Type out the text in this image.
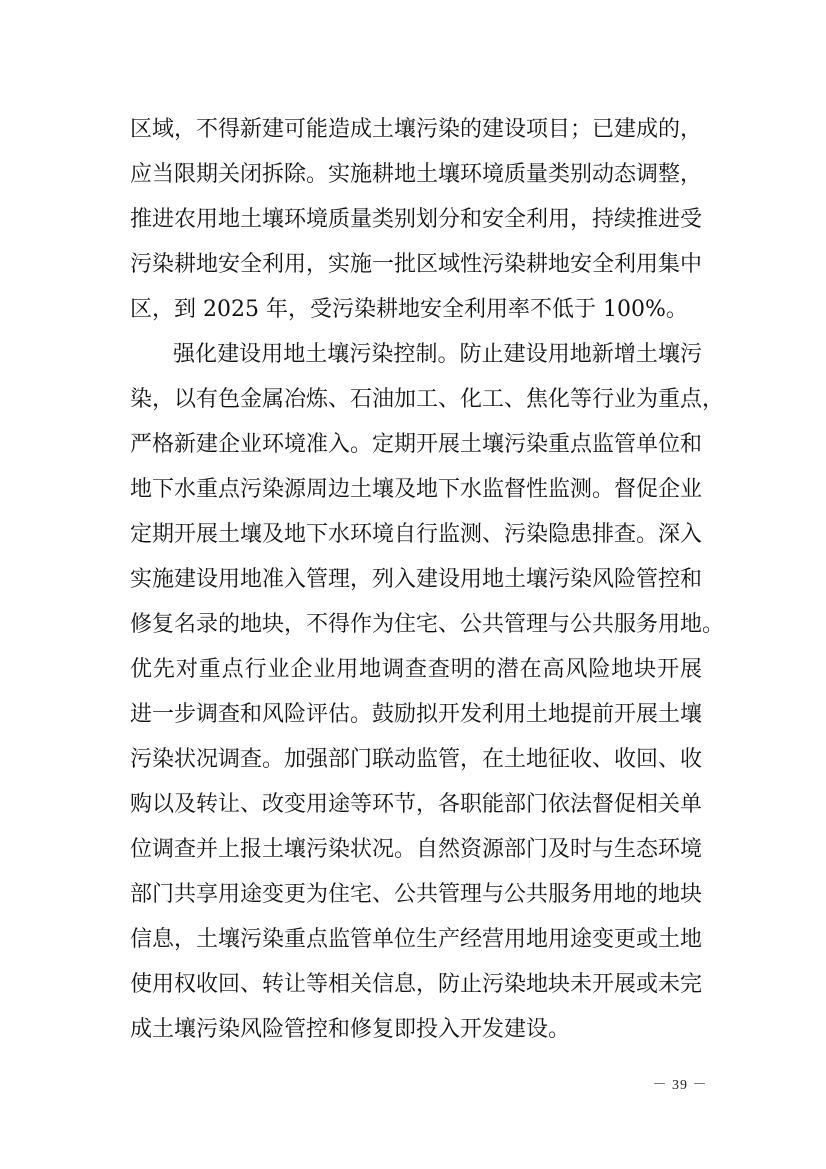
区域，不得新建可能造成土壤污染的建设项目；已建成的，
应当限期关闭拆除。实施耕地土壤环境质量类别动态调整，
推进农用地土壤环境质量类别划分和安全利用，持续推进受
污染耕地安全利用，实施一批区域性污染耕地安全利用集中
区，到 2025 年，受污染耕地安全利用率不低于 100%。
强化建设用地土壤污染控制。防止建设用地新增土壤污
染，以有色金属冶炼、石油加工、化工、焦化等行业为重点，
严格新建企业环境准入。定期开展土壤污染重点监管单位和
地下水重点污染源周边土壤及地下水监督性监测。督促企业
定期开展土壤及地下水环境自行监测、污染隐患排查。深入
实施建设用地准入管理，列入建设用地土壤污染风险管控和
修复名录的地块，不得作为住宅、公共管理与公共服务用地。
优先对重点行业企业用地调查查明的潜在高风险地块开展
进一步调查和风险评估。鼓励拟开发利用土地提前开展土壤
污染状况调查。加强部门联动监管，在土地征收、收回、收
购以及转让、改变用途等环节，各职能部门依法督促相关单
位调查并上报土壤污染状况。自然资源部门及时与生态环境
部门共享用途变更为住宅、公共管理与公共服务用地的地块
信息，土壤污染重点监管单位生产经营用地用途变更或土地
使用权收回、转让等相关信息，防止污染地块未开展或未完
成土壤污染风险管控和修复即投入开发建设。
－ 39 －
